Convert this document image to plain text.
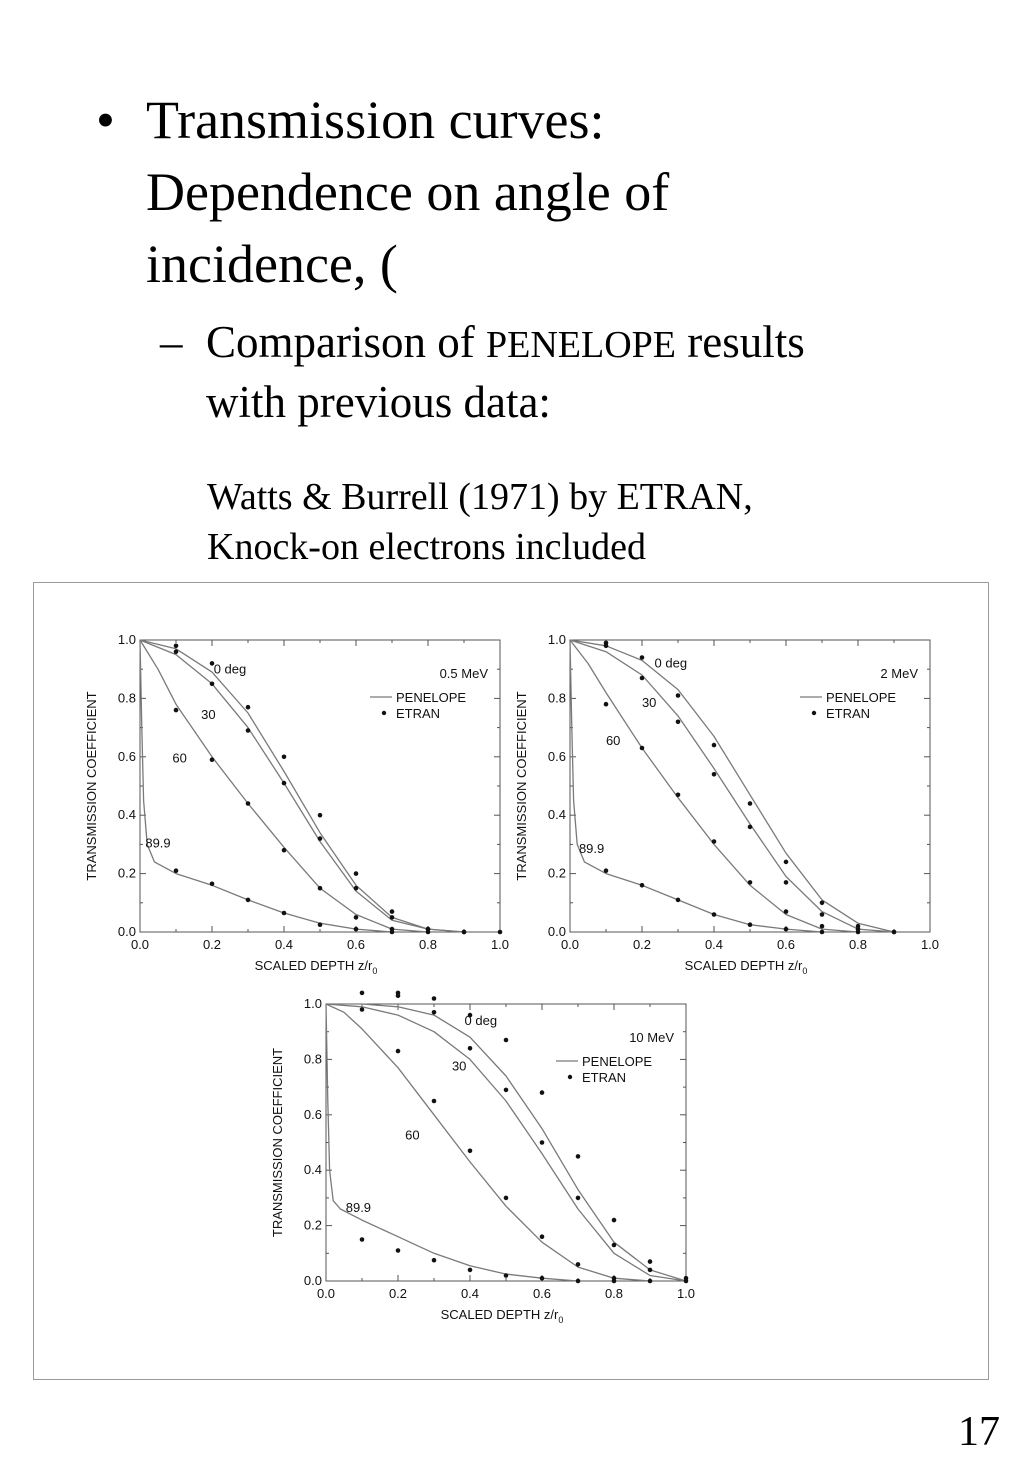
• Transmission curves:
Dependence on angle of
incidence, (
– Comparison of PENELOPE results
with previous data:
Watts & Burrell (1971) by ETRAN,
Knock-on electrons included
0.0	0.2	0.4	0.6	0.8	1.0
0.0
0.2
0.4
0.6
0.8
1.0
SCALED DEPTH $z/r_0$
TRANSMISSION COEFFICIENT
0.5 MeV
PENELOPE
ETRAN
0 deg
30
60
89.9
0.0	0.2	0.4	0.6	0.8	1.0
0.0
0.2
0.4
0.6
0.8
1.0
SCALED DEPTH $z/r_0$
TRANSMISSION COEFFICIENT
2 MeV
PENELOPE
ETRAN
0 deg
30
60
89.9
0.0	0.2	0.4	0.6	0.8	1.0
0.0
0.2
0.4
0.6
0.8
1.0
SCALED DEPTH $z/r_0$
TRANSMISSION COEFFICIENT
10 MeV
PENELOPE
ETRAN
0 deg
30
60
89.9
17
